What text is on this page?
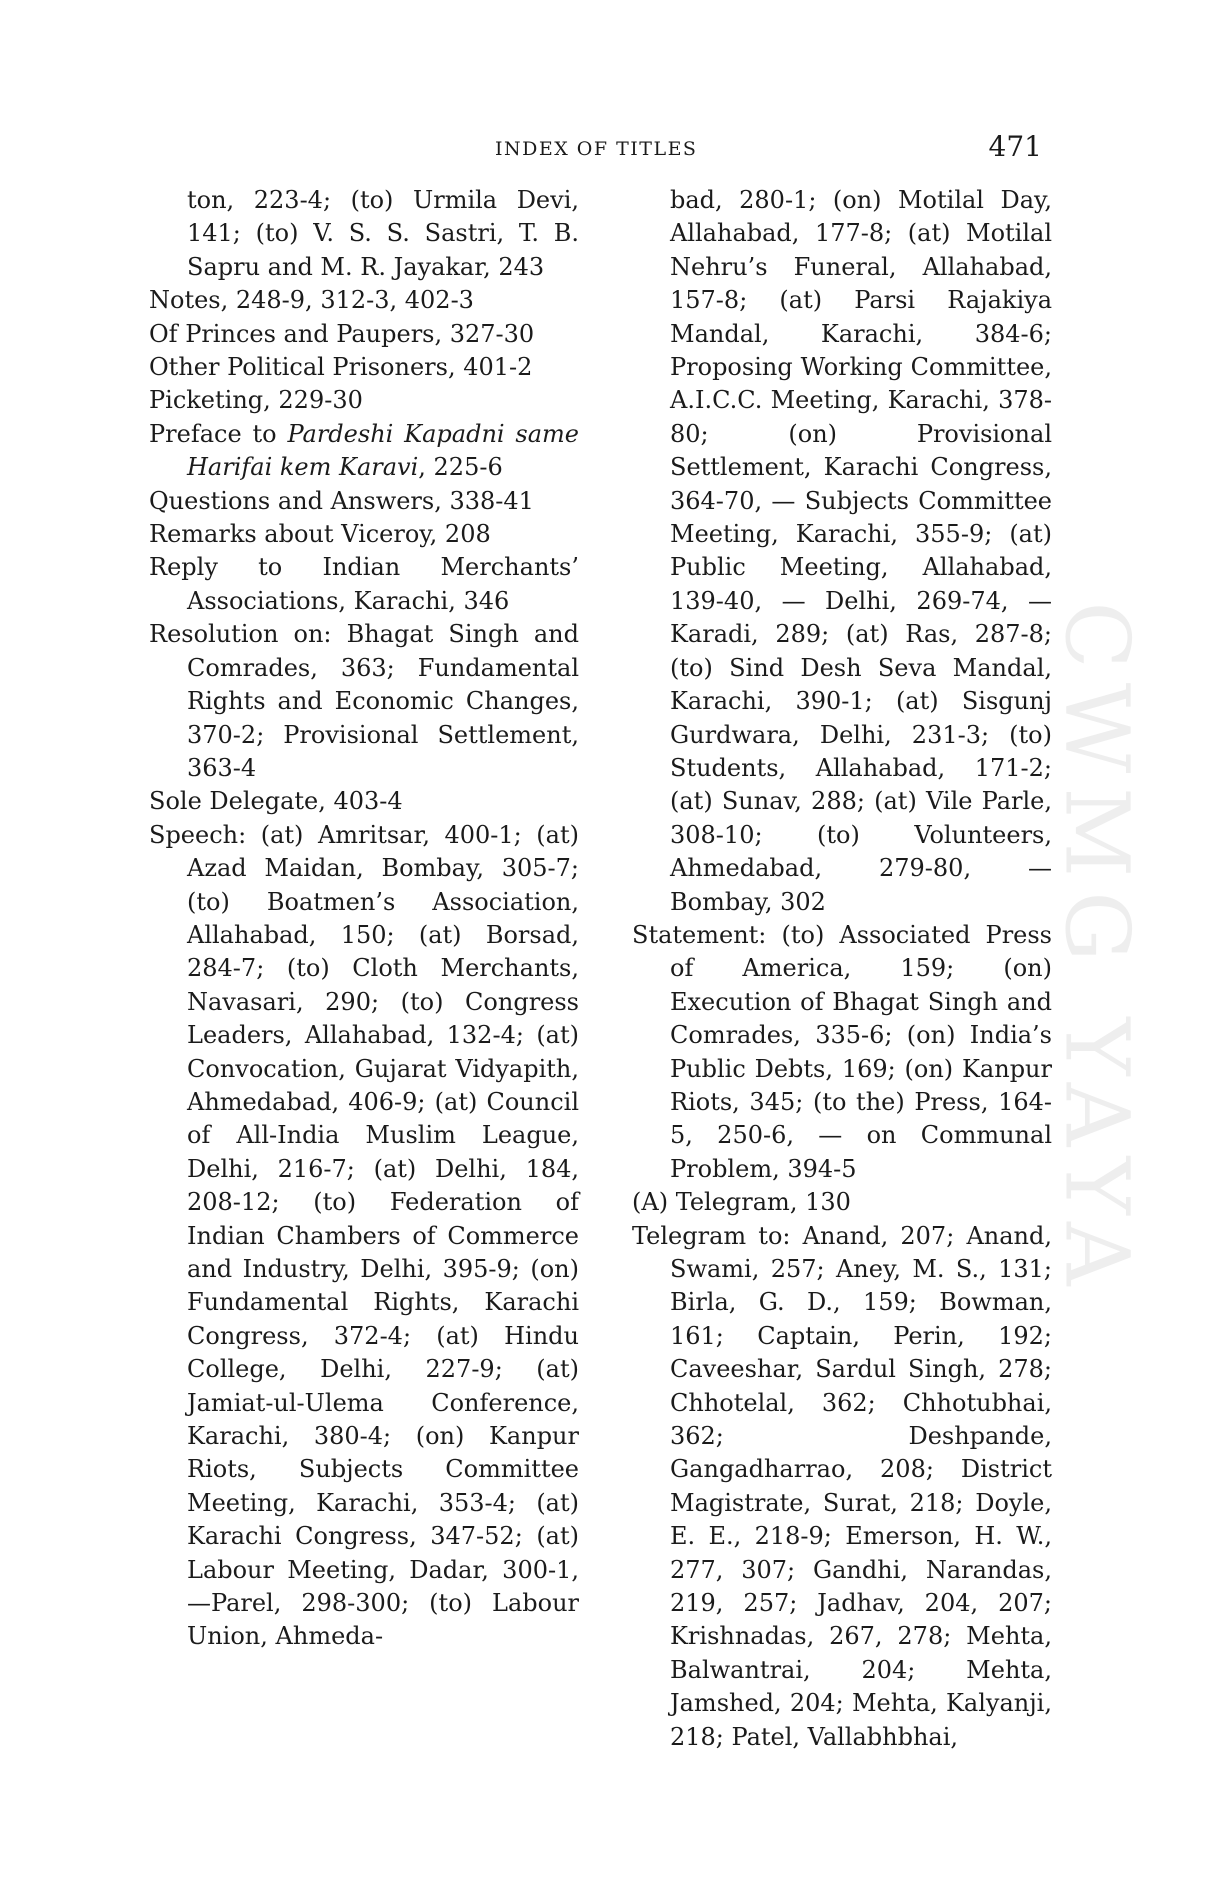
INDEX OF TITLES	471

ton, 223-4; (to) Urmila Devi, 141; (to) V. S. S. Sastri, T. B. Sapru and M. R. Jayakar, 243

Notes, 248-9, 312-3, 402-3

Of Princes and Paupers, 327-30

Other Political Prisoners, 401-2

Picketing, 229-30

Preface to Pardeshi Kapadni same Harifai kem Karavi, 225-6

Questions and Answers, 338-41

Remarks about Viceroy, 208

Reply to Indian Merchants’ Associations, Karachi, 346

Resolution on: Bhagat Singh and Comrades, 363; Fundamental Rights and Economic Changes, 370-2; Provisional Settlement, 363-4

Sole Delegate, 403-4

Speech: (at) Amritsar, 400-1; (at) Azad Maidan, Bombay, 305-7; (to) Boatmen’s Association, Allahabad, 150; (at) Borsad, 284-7; (to) Cloth Merchants, Navasari, 290; (to) Congress Leaders, Allahabad, 132-4; (at) Convocation, Gujarat Vidyapith, Ahmedabad, 406-9; (at) Council of All-India Muslim League, Delhi, 216-7; (at) Delhi, 184, 208-12; (to) Federation of Indian Chambers of Commerce and Industry, Delhi, 395-9; (on) Fundamental Rights, Karachi Congress, 372-4; (at) Hindu College, Delhi, 227-9; (at) Jamiat-ul-Ulema Conference, Karachi, 380-4; (on) Kanpur Riots, Subjects Committee Meeting, Karachi, 353-4; (at) Karachi Congress, 347-52; (at) Labour Meeting, Dadar, 300-1, —Parel, 298-300; (to) Labour Union, Ahmeda-

bad, 280-1; (on) Motilal Day, Allahabad, 177-8; (at) Motilal Nehru’s Funeral, Allahabad, 157-8; (at) Parsi Rajakiya Mandal, Karachi, 384-6; Proposing Working Committee, A.I.C.C. Meeting, Karachi, 378-80; (on) Provisional Settlement, Karachi Congress, 364-70, — Subjects Committee Meeting, Karachi, 355-9; (at) Public Meeting, Allahabad, 139-40, — Delhi, 269-74, — Karadi, 289; (at) Ras, 287-8; (to) Sind Desh Seva Mandal, Karachi, 390-1; (at) Sisgunj Gurdwara, Delhi, 231-3; (to) Students, Allahabad, 171-2; (at) Sunav, 288; (at) Vile Parle, 308-10; (to) Volunteers, Ahmedabad, 279-80, — Bombay, 302

Statement: (to) Associated Press of America, 159; (on) Execution of Bhagat Singh and Comrades, 335-6; (on) India’s Public Debts, 169; (on) Kanpur Riots, 345; (to the) Press, 164-5, 250-6, — on Communal Problem, 394-5

(A) Telegram, 130

Telegram to: Anand, 207; Anand, Swami, 257; Aney, M. S., 131; Birla, G. D., 159; Bowman, 161; Captain, Perin, 192; Caveeshar, Sardul Singh, 278; Chhotelal, 362; Chhotubhai, 362; Deshpande, Gangadharrao, 208; District Magistrate, Surat, 218; Doyle, E. E., 218-9; Emerson, H. W., 277, 307; Gandhi, Narandas, 219, 257; Jadhav, 204, 207; Krishnadas, 267, 278; Mehta, Balwantrai, 204; Mehta, Jamshed, 204; Mehta, Kalyanji, 218; Patel, Vallabhbhai,

CWMG YAYA
